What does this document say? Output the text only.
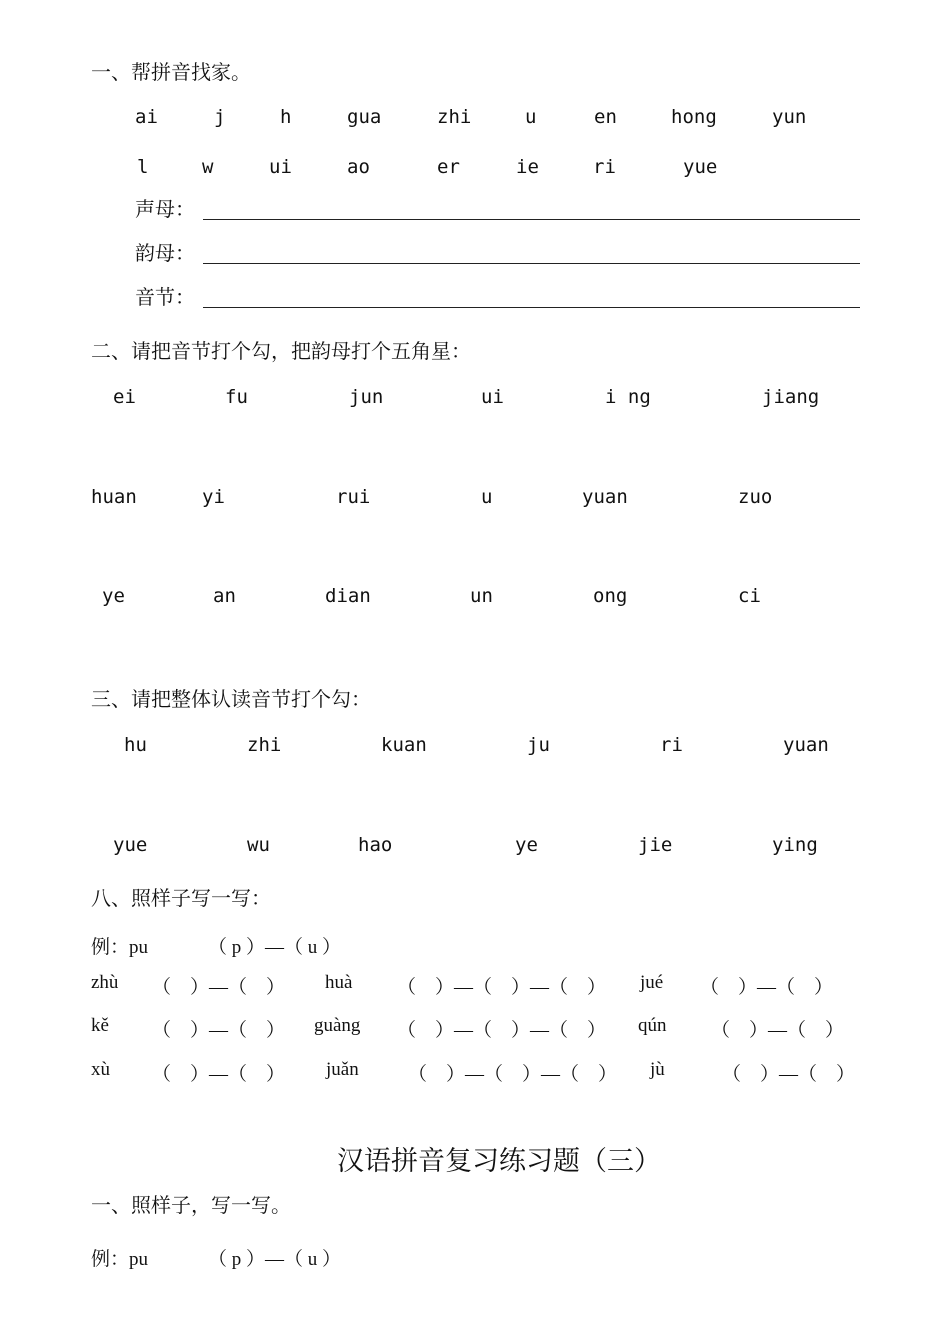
一、帮拼音找家。
ai	j	h	gua	zhi	u	en	hong	yun
l	w	ui	ao	er	ie	ri	yue
声母：
韵母：
音节：
二、请把音节打个勾，把韵母打个五角星：
ei	fu	jun	ui	i ng	jiang
huan	yi	rui	u	yuan	zuo
ye	an	dian	un	ong	ci
三、请把整体认读音节打个勾：
hu	zhi	kuan	ju	ri	yuan
yue	wu	hao	ye	jie	ying
八、照样子写一写：
例：pu	（ p ）—（ u ）
zhù （　）—（　） huà （　）—（　）—（　） jué （　）—（　）
kě （　）—（　） guàng （　）—（　）—（　） qún （　）—（　）
xù （　）—（　） juǎn	（　）—（　）—（　） jù	（　）—（　）
汉语拼音复习练习题（三）
一、照样子，写一写。
例：pu	（ p ）—（ u ）
